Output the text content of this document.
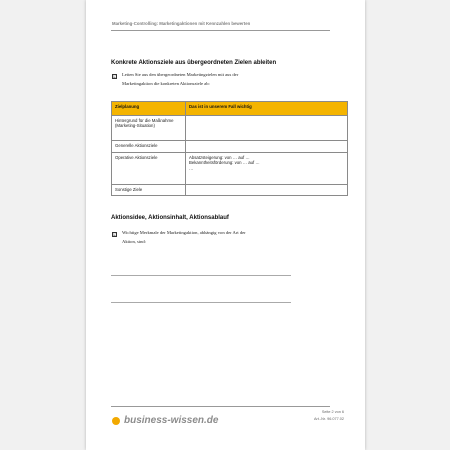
Marketing-Controlling: Marketingaktionen mit Kennzahlen bewerten
Konkrete Aktionsziele aus übergeordneten Zielen ableiten
☑ Leiten Sie aus den übergeordneten Marketingzielen mit aus der
Marketingaktion die konkreten Aktionsziele ab:
Zielplanung	Das ist in unserem Fall wichtig
Hintergrund für die Maßnahme (Marketing-Situation)	
Generelle Aktionsziele	
Operative Aktionsziele	Absatzsteigerung: von … auf …
Bekanntheitsförderung: von … auf …
…

Sonstige Ziele	
Aktionsidee, Aktionsinhalt, Aktionsablauf
☑ Wichtige Merkmale der Marketingaktion, abhängig von der Art der
Aktion, sind:
business-wissen.de
Seite 2 von 6
Art.-Nr. 96.077.02
